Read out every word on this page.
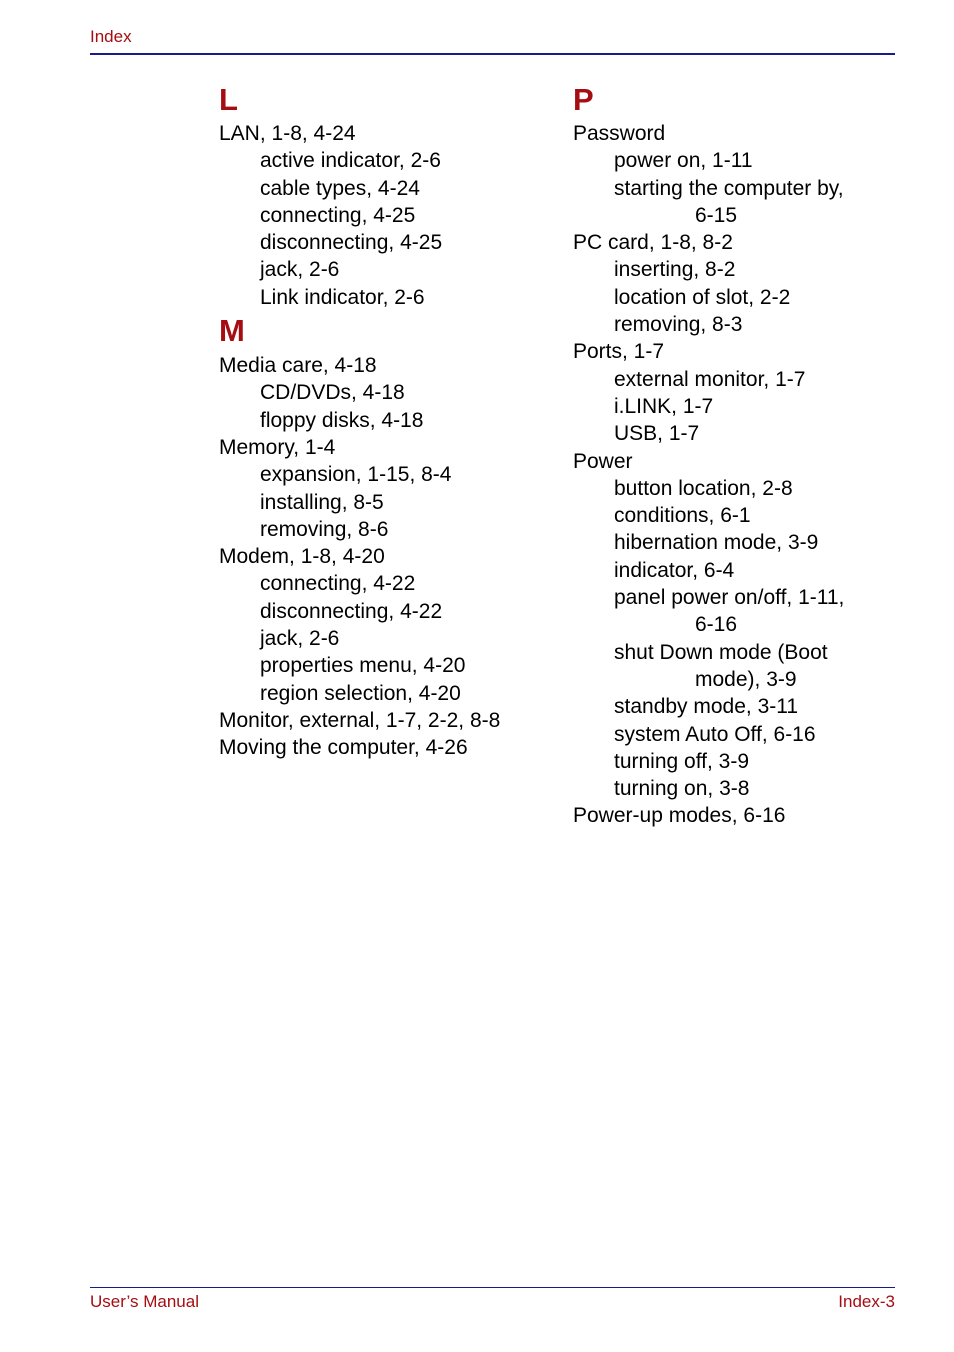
Index
L
LAN, 1-8, 4-24
active indicator, 2-6
cable types, 4-24
connecting, 4-25
disconnecting, 4-25
jack, 2-6
Link indicator, 2-6
M
Media care, 4-18
CD/DVDs, 4-18
floppy disks, 4-18
Memory, 1-4
expansion, 1-15, 8-4
installing, 8-5
removing, 8-6
Modem, 1-8, 4-20
connecting, 4-22
disconnecting, 4-22
jack, 2-6
properties menu, 4-20
region selection, 4-20
Monitor, external, 1-7, 2-2, 8-8
Moving the computer, 4-26
P
Password
power on, 1-11
starting the computer by,
6-15
PC card, 1-8, 8-2
inserting, 8-2
location of slot, 2-2
removing, 8-3
Ports, 1-7
external monitor, 1-7
i.LINK, 1-7
USB, 1-7
Power
button location, 2-8
conditions, 6-1
hibernation mode, 3-9
indicator, 6-4
panel power on/off, 1-11,
6-16
shut Down mode (Boot
mode), 3-9
standby mode, 3-11
system Auto Off, 6-16
turning off, 3-9
turning on, 3-8
Power-up modes, 6-16
User’s Manual	Index-3
